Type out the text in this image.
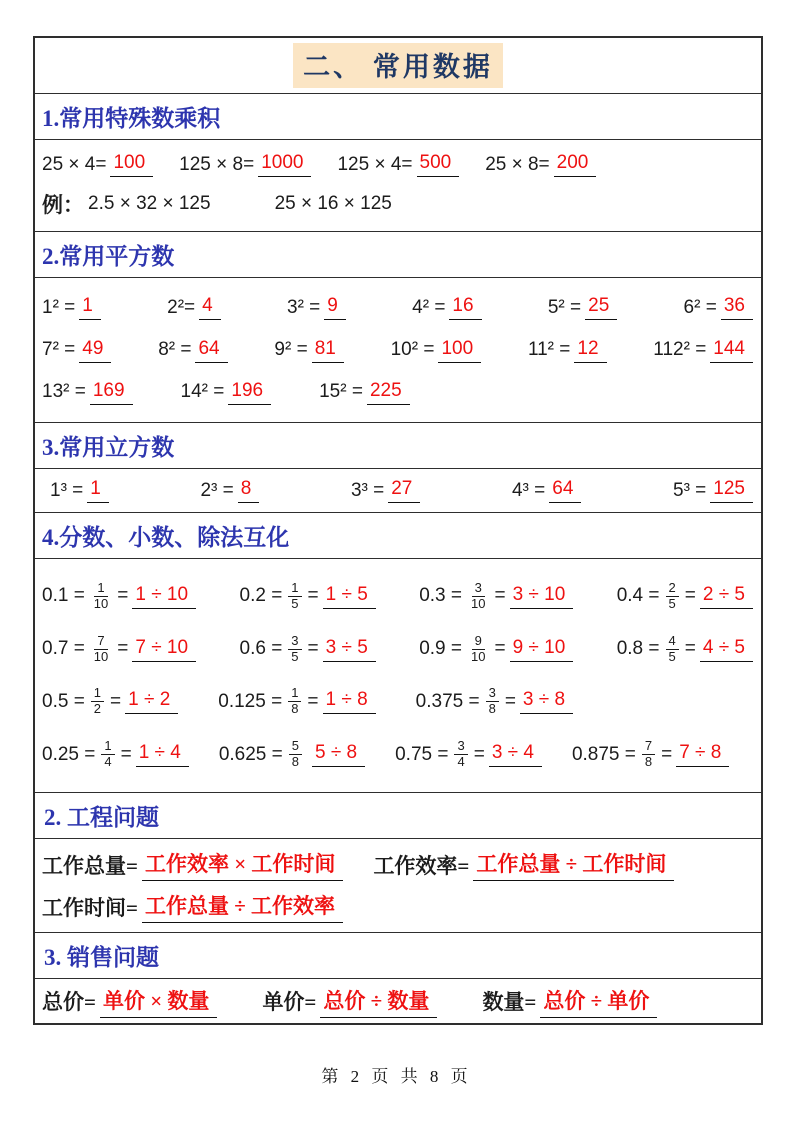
二、 常用数据
1.常用特殊数乘积
25 × 4= 100	125 × 8= 1000	125 × 4= 500	25 × 8= 200
例： 2.5 × 32 × 125	25 × 16 × 125
2.常用平方数
1² = 1	2²= 4	3² = 9	4² = 16	5² = 25	6² = 36
7² = 49	8² = 64	9² = 81	10² = 100	11² = 12	112² = 144
13² = 169	14² = 196	15² = 225
3.常用立方数
1³ = 1	2³ = 8	3³ = 27	4³ = 64	5³ = 125
4.分数、小数、除法互化
$0.1 = \frac{1}{10} = 1 \div 10$	$0.2 = \frac{1}{5} = 1 \div 5$	$0.3 = \frac{3}{10} = 3 \div 10$	$0.4 = \frac{2}{5} = 2 \div 5$
$0.7 = \frac{7}{10} = 7 \div 10$	$0.6 = \frac{3}{5} = 3 \div 5$	$0.9 = \frac{9}{10} = 9 \div 10$	$0.8 = \frac{4}{5} = 4 \div 5$
$0.5 = \frac{1}{2} = 1 \div 2$	$0.125 = \frac{1}{8} = 1 \div 8$	$0.375 = \frac{3}{8} = 3 \div 8$
$0.25 = \frac{1}{4} = 1 \div 4$	$0.625 = \frac{5}{8} 5 \div 8$	$0.75 = \frac{3}{4} = 3 \div 4$	$0.875 = \frac{7}{8} = 7 \div 8$
2. 工程问题
工作总量= 工作效率 × 工作时间	工作效率= 工作总量 ÷ 工作时间
工作时间= 工作总量 ÷ 工作效率
3. 销售问题
总价= 单价 × 数量	单价= 总价 ÷ 数量	数量= 总价 ÷ 单价
第 2 页 共 8 页
